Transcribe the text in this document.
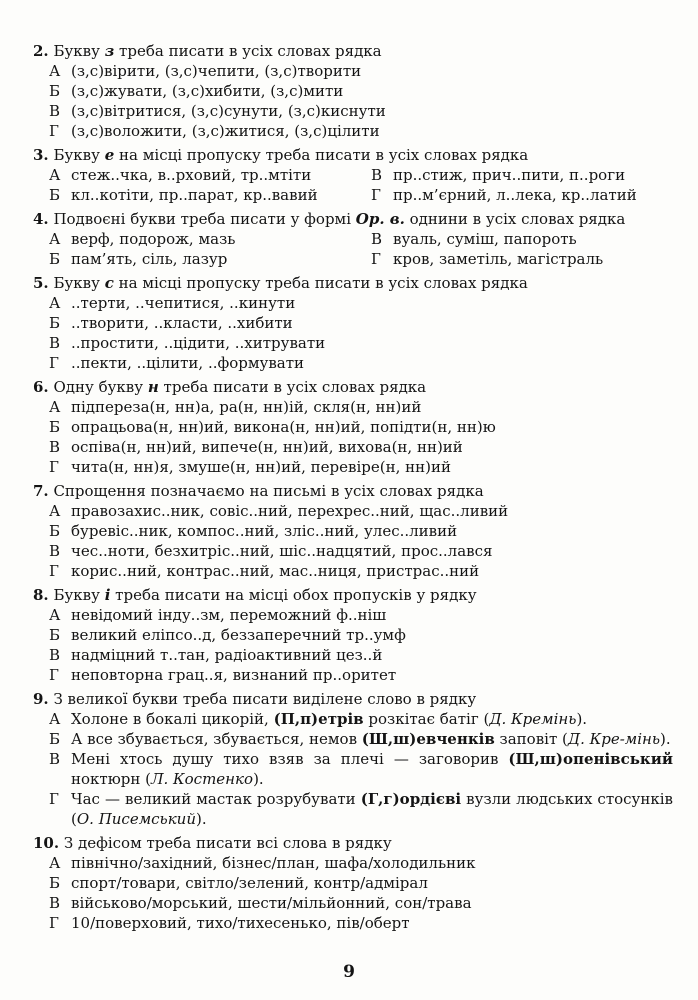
2. Букву з треба писати в усіх словах рядка
А (з,с)вірити, (з,с)чепити, (з,с)творити
Б (з,с)жувати, (з,с)хибити, (з,с)мити
В (з,с)вітритися, (з,с)сунути, (з,с)киснути
Г (з,с)воложити, (з,с)житися, (з,с)цілити
3. Букву е на місці пропуску треба писати в усіх словах рядка
А стеж..чка, в..рховий, тр..мтіти	В пр..стиж, прич..пити, п..роги
Б кл..котіти, пр..парат, кр..вавий	Г пр..м’єрний, л..лека, кр..латий
4. Подвоєні букви треба писати у формі Ор. в. однини в усіх словах рядка
А верф, подорож, мазь	В вуаль, суміш, папороть
Б пам’ять, сіль, лазур	Г кров, заметіль, магістраль
5. Букву с на місці пропуску треба писати в усіх словах рядка
А ..терти, ..чепитися, ..кинути
Б ..творити, ..класти, ..хибити
В ..простити, ..цідити, ..хитрувати
Г ..пекти, ..цілити, ..формувати
6. Одну букву н треба писати в усіх словах рядка
А підпереза(н, нн)а, ра(н, нн)ій, скля(н, нн)ий
Б опрацьова(н, нн)ий, викона(н, нн)ий, попідти(н, нн)ю
В оспіва(н, нн)ий, випече(н, нн)ий, вихова(н, нн)ий
Г чита(н, нн)я, змуше(н, нн)ий, перевіре(н, нн)ий
7. Спрощення позначаємо на письмі в усіх словах рядка
А правозахис..ник, совіс..ний, перехрес..ний, щас..ливий
Б буревіс..ник, компос..ний, зліс..ний, улес..ливий
В чес..ноти, безхитріс..ний, шіс..надцятий, прос..лався
Г корис..ний, контрас..ний, мас..ниця, пристрас..ний
8. Букву і треба писати на місці обох пропусків у рядку
А невідомий інду..зм, переможний ф..ніш
Б великий еліпсо..д, беззаперечний тр..умф
В надміцний т..тан, радіоактивний цез..й
Г неповторна грац..я, визнаний пр..оритет
9. З великої букви треба писати виділене слово в рядку
А Холоне в бокалі цикорій, (П,п)етрів розкітає батіг (Д. Кремінь).
Б А все збувається, збувається, немов (Ш,ш)евченків заповіт (Д. Кре-мінь).
В Мені хтось душу тихо взяв за плечі — заговорив (Ш,ш)опенівський ноктюрн (Л. Костенко).
Г Час — великий мастак розрубувати (Г,г)ордієві вузли людських стосунків (О. Писемський).
10. З дефісом треба писати всі слова в рядку
А північно/західний, бізнес/план, шафа/холодильник
Б спорт/товари, світло/зелений, контр/адмірал
В військово/морський, шести/мільйонний, сон/трава
Г 10/поверховий, тихо/тихесенько, пів/оберт
9
